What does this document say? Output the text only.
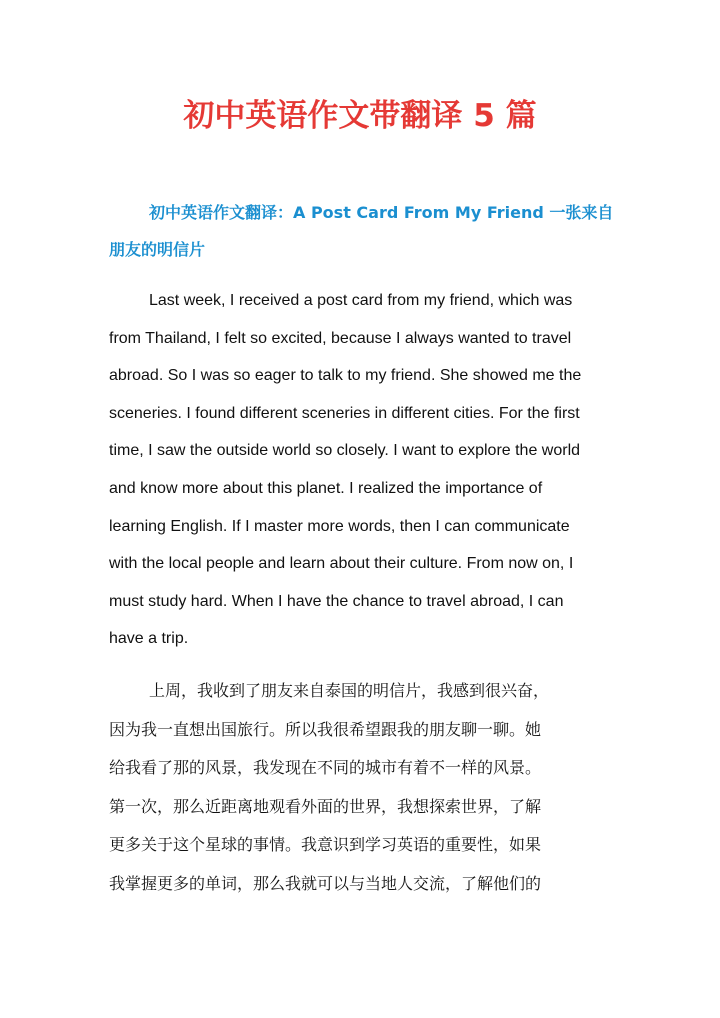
初中英语作文带翻译 5 篇
初中英语作文翻译：A Post Card From My Friend 一张来自
朋友的明信片
Last week, I received a post card from my friend, which was
from Thailand, I felt so excited, because I always wanted to travel
abroad. So I was so eager to talk to my friend. She showed me the
sceneries. I found different sceneries in different cities. For the first
time, I saw the outside world so closely. I want to explore the world
and know more about this planet. I realized the importance of
learning English. If I master more words, then I can communicate
with the local people and learn about their culture. From now on, I
must study hard. When I have the chance to travel abroad, I can
have a trip.
上周，我收到了朋友来自泰国的明信片，我感到很兴奋，
因为我一直想出国旅行。所以我很希望跟我的朋友聊一聊。她
给我看了那的风景，我发现在不同的城市有着不一样的风景。
第一次，那么近距离地观看外面的世界，我想探索世界，了解
更多关于这个星球的事情。我意识到学习英语的重要性，如果
我掌握更多的单词，那么我就可以与当地人交流，了解他们的
